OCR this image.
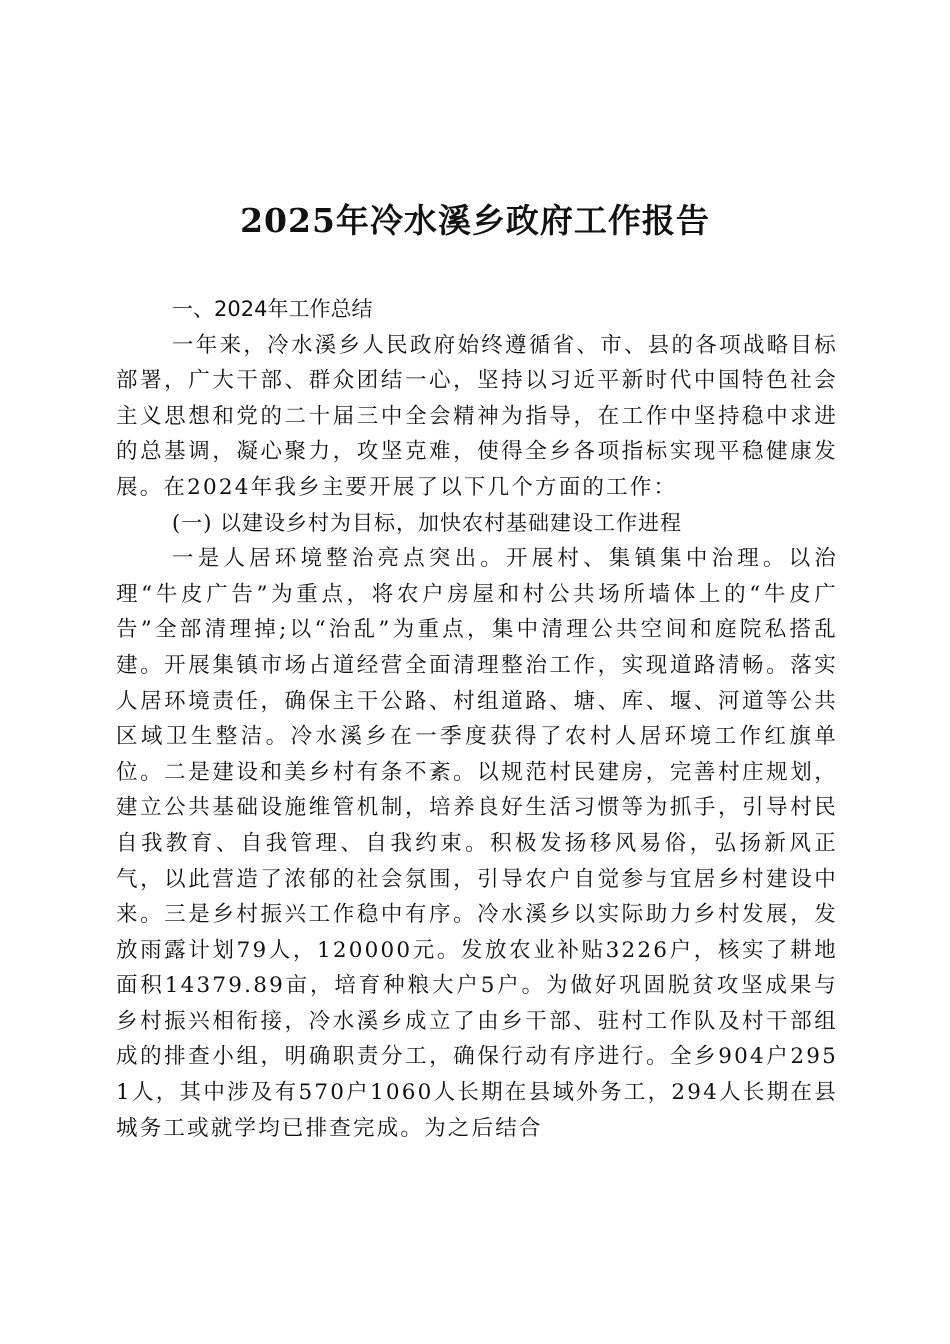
2025年冷水溪乡政府工作报告
一、2024年工作总结

一年来，冷水溪乡人民政府始终遵循省、市、县的各项战略目标部署，广大干部、群众团结一心，坚持以习近平新时代中国特色社会主义思想和党的二十届三中全会精神为指导，在工作中坚持稳中求进的总基调，凝心聚力，攻坚克难，使得全乡各项指标实现平稳健康发展。在2024年我乡主要开展了以下几个方面的工作：

(一) 以建设乡村为目标，加快农村基础建设工作进程

一是人居环境整治亮点突出。开展村、集镇集中治理。以治理“牛皮广告”为重点，将农户房屋和村公共场所墙体上的“牛皮广告”全部清理掉;以“治乱”为重点，集中清理公共空间和庭院私搭乱建。开展集镇市场占道经营全面清理整治工作，实现道路清畅。落实人居环境责任，确保主干公路、村组道路、塘、库、堰、河道等公共区域卫生整洁。冷水溪乡在一季度获得了农村人居环境工作红旗单位。二是建设和美乡村有条不紊。以规范村民建房，完善村庄规划，建立公共基础设施维管机制，培养良好生活习惯等为抓手，引导村民自我教育、自我管理、自我约束。积极发扬移风易俗，弘扬新风正气，以此营造了浓郁的社会氛围，引导农户自觉参与宜居乡村建设中来。三是乡村振兴工作稳中有序。冷水溪乡以实际助力乡村发展，发放雨露计划79人，120000元。发放农业补贴3226户，核实了耕地面积14379.89亩，培育种粮大户5户。为做好巩固脱贫攻坚成果与乡村振兴相衔接，冷水溪乡成立了由乡干部、驻村工作队及村干部组成的排查小组，明确职责分工，确保行动有序进行。全乡904户2951人，其中涉及有570户1060人长期在县域外务工，294人长期在县城务工或就学均已排查完成。为之后结合
